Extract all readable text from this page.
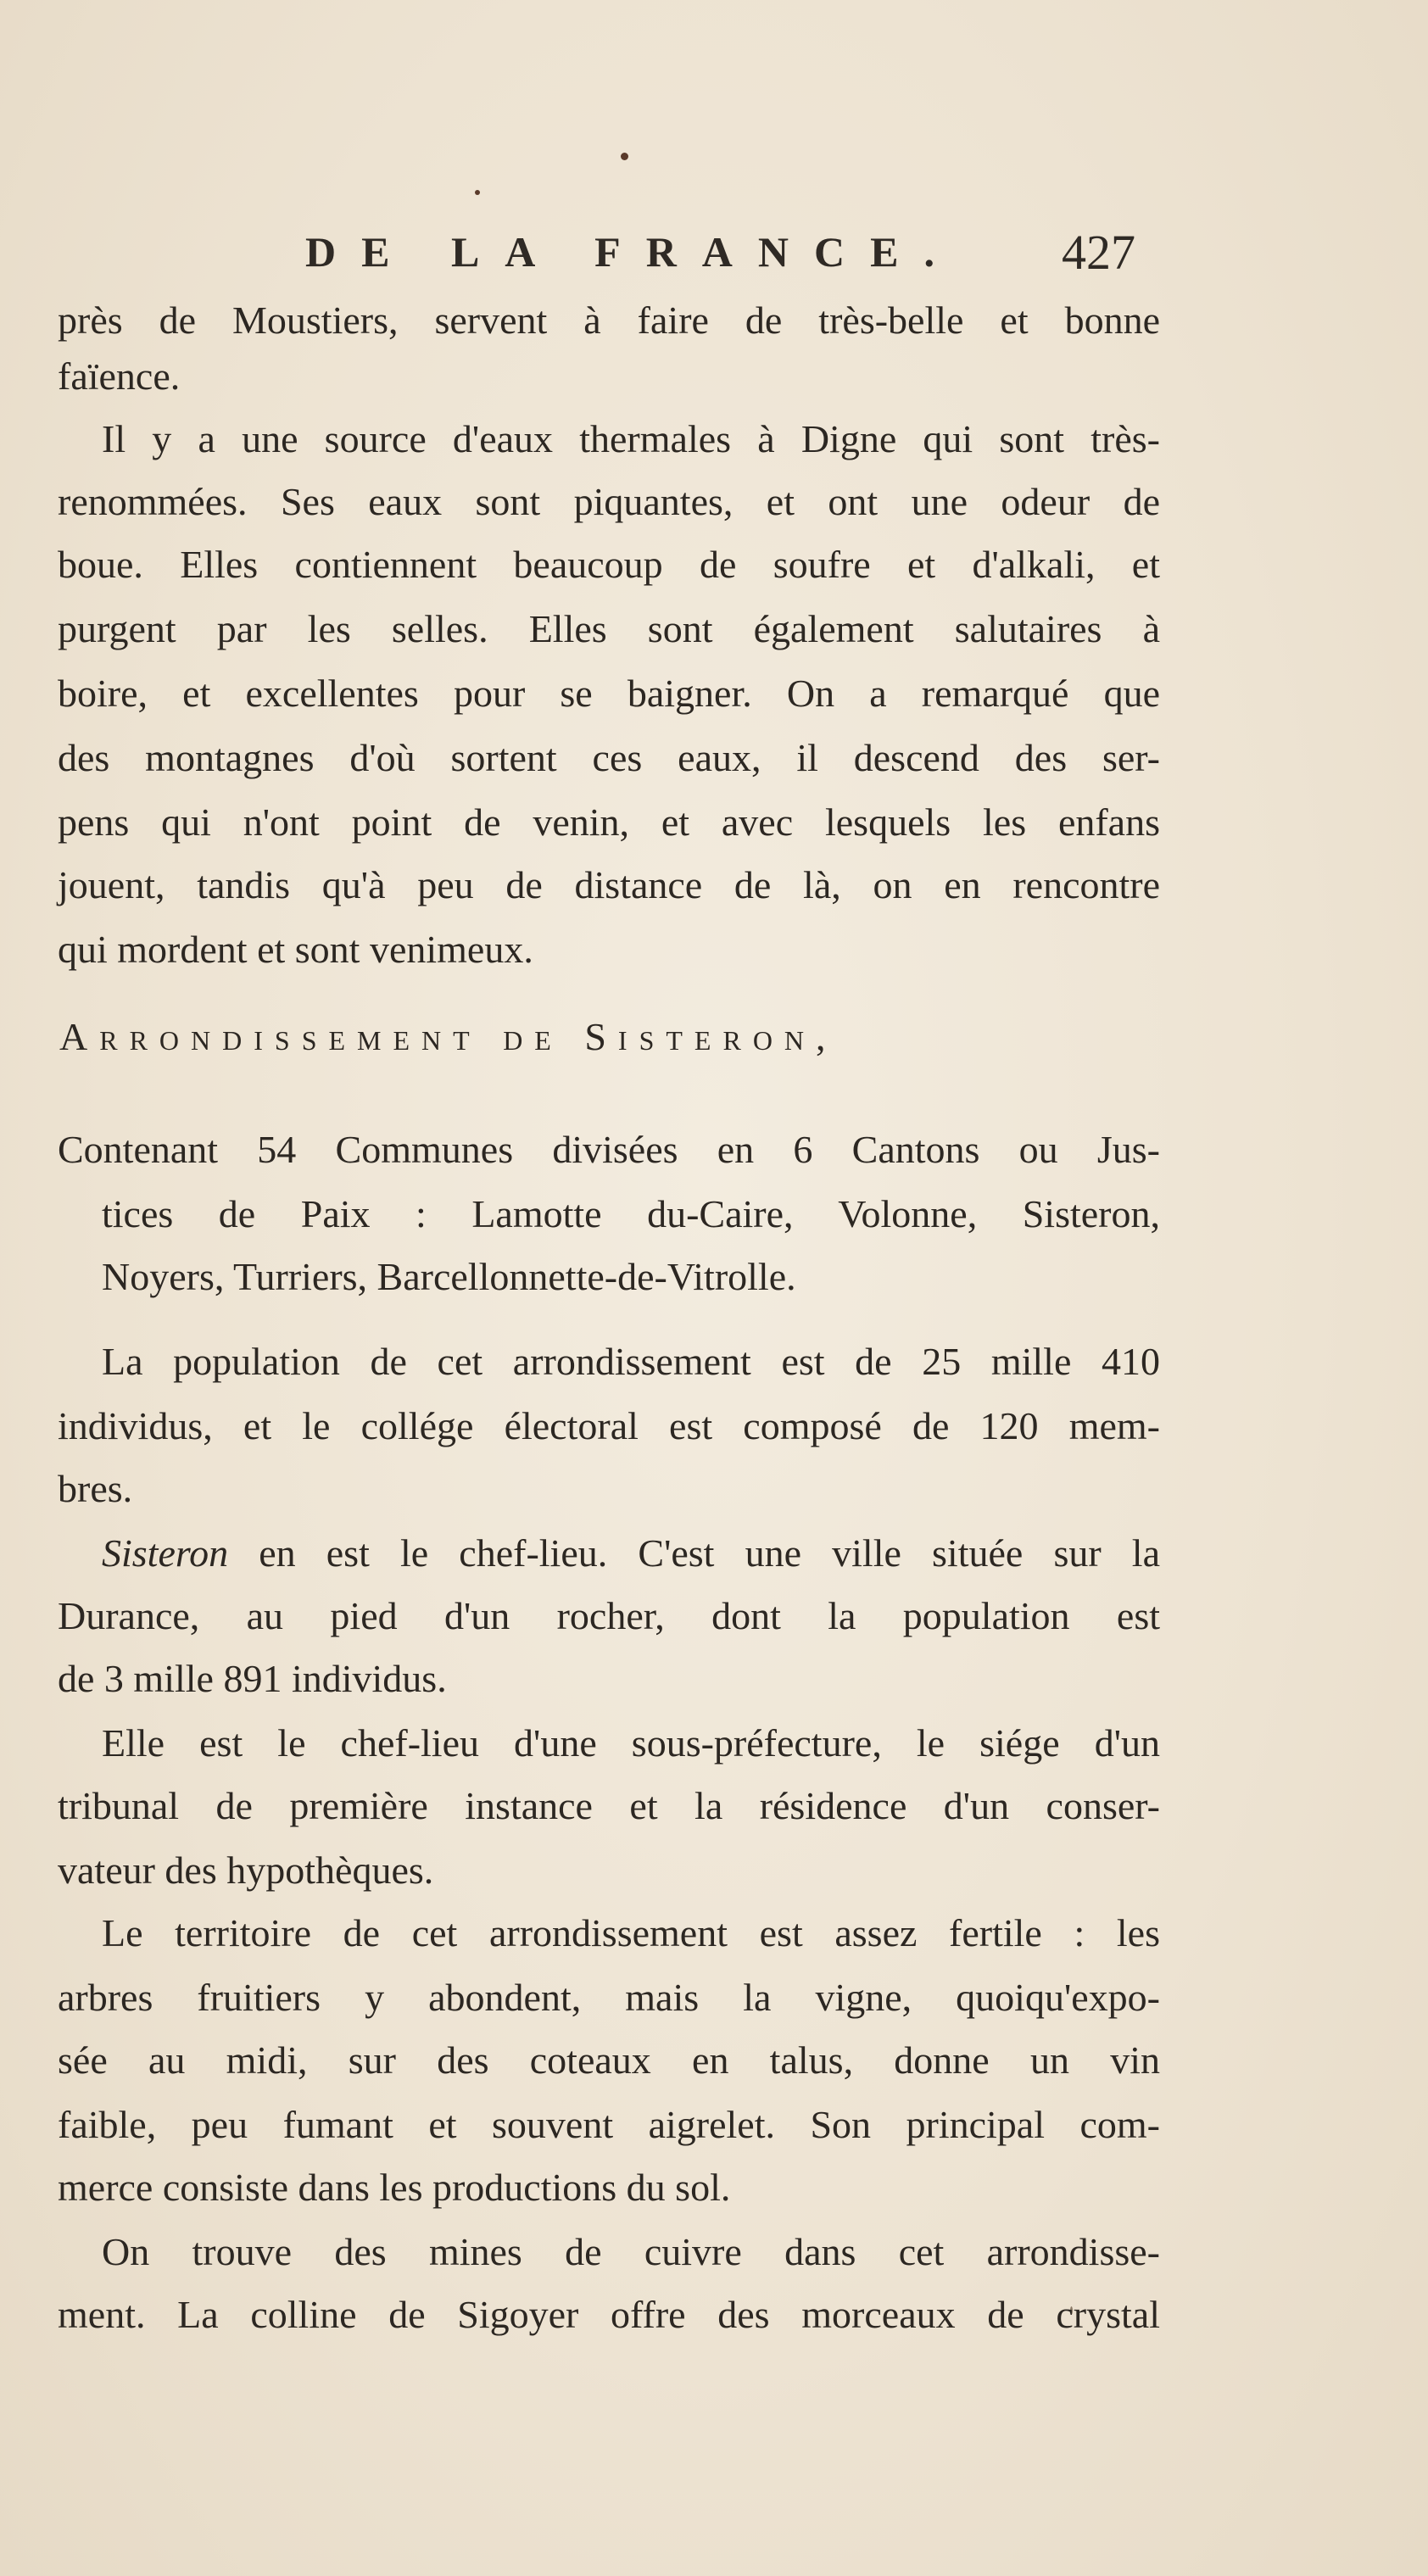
DE LA FRANCE. 427
près de Moustiers, servent à faire de très-belle et bonne
faïence.
Il y a une source d'eaux thermales à Digne qui sont très-
renommées. Ses eaux sont piquantes, et ont une odeur de
boue. Elles contiennent beaucoup de soufre et d'alkali, et
purgent par les selles. Elles sont également salutaires à
boire, et excellentes pour se baigner. On a remarqué que
des montagnes d'où sortent ces eaux, il descend des ser-
pens qui n'ont point de venin, et avec lesquels les enfans
jouent, tandis qu'à peu de distance de là, on en rencontre
qui mordent et sont venimeux.
Arrondissement de Sisteron,
Contenant 54 Communes divisées en 6 Cantons ou Jus-
tices de Paix : Lamotte du-Caire, Volonne, Sisteron,
Noyers, Turriers, Barcellonnette-de-Vitrolle.
La population de cet arrondissement est de 25 mille 410
individus, et le collége électoral est composé de 120 mem-
bres.
Sisteron en est le chef-lieu. C'est une ville située sur la
Durance, au pied d'un rocher, dont la population est
de 3 mille 891 individus.
Elle est le chef-lieu d'une sous-préfecture, le siége d'un
tribunal de première instance et la résidence d'un conser-
vateur des hypothèques.
Le territoire de cet arrondissement est assez fertile : les
arbres fruitiers y abondent, mais la vigne, quoiqu'expo-
sée au midi, sur des coteaux en talus, donne un vin
faible, peu fumant et souvent aigrelet. Son principal com-
merce consiste dans les productions du sol.
On trouve des mines de cuivre dans cet arrondisse-
ment. La colline de Sigoyer offre des morceaux de crystal
